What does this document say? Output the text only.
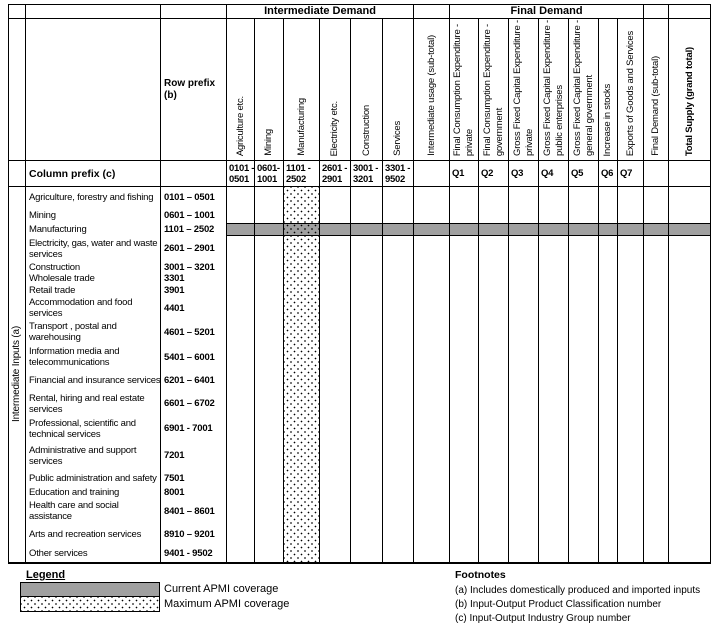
Intermediate Demand	Final Demand
Row prefix (b)
Column prefix (c)
Intermediate Inputs (a)
Agriculture, forestry and fishing
Mining
Manufacturing
Electricity, gas, water and waste
services
Construction
Wholesale trade
Retail trade
Accommodation and food
services
Transport , postal and
warehousing
Information media and
telecommunications
Financial and insurance services
Rental, hiring and real estate
services
Professional, scientific and
technical services
Administrative and support
services
Public administration and safety
Education and training
Health care and social
assistance
Arts and recreation services
Other services
0101 – 0501
0601 – 1001
1101 – 2502
2601 – 2901
3001 – 3201
3301
3901
4401
4601 – 5201
5401 – 6001
6201 – 6401
6601 – 6702
6901 - 7001
7201
7501
8001
8401 – 8601
8910 – 9201
9401 - 9502
Agriculture etc.
0101 -
0501
Mining
0601-
1001
Manufacturing
1101 -
2502
Electricity etc.
2601 -
2901
Construction
3001 -
3201
Services
3301 -
9502
Intermediate usage (sub-total) Final Consumption Expenditure -
private
Q1
Final Consumption Expenditure -
government
Q2
Gross Fixed Capital Expenditure -
private
Q3
Gross Fixed Capital Expenditure -
public enterprises
Q4
Gross Fixed Capital Expenditure -
general government
Q5
Increase in stocks
Q6
Exports of Goods and Services
Q7
Final Demand (sub-total) Total Supply (grand total)
Legend
Current APMI coverage
Maximum APMI coverage
Footnotes
(a) Includes domestically produced and imported inputs
(b) Input-Output Product Classification number
(c) Input-Output Industry Group number
